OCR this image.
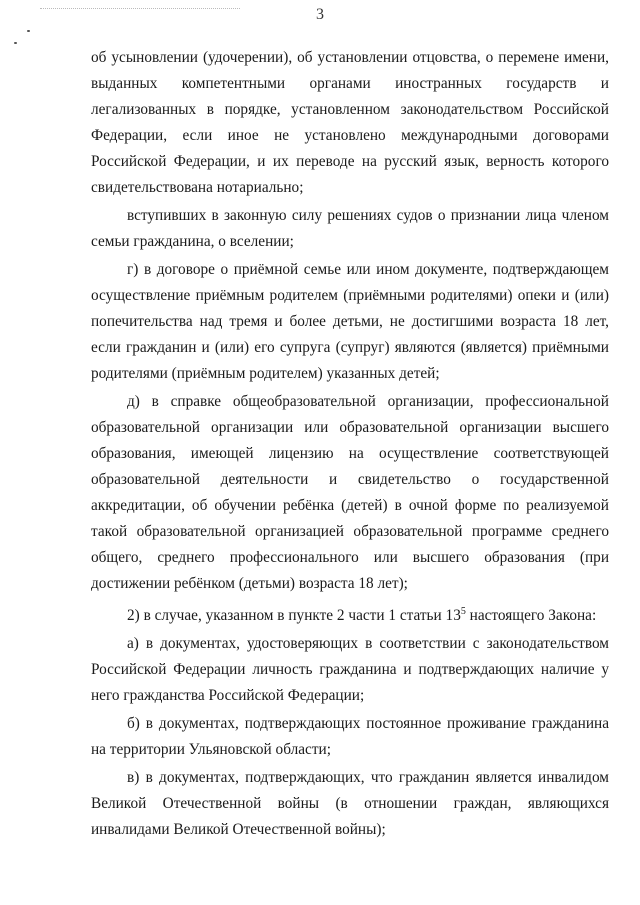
3

об усыновлении (удочерении), об установлении отцовства, о перемене имени, выданных компетентными органами иностранных государств и легализованных в порядке, установленном законодательством Российской Федерации, если иное не установлено международными договорами Российской Федерации, и их переводе на русский язык, верность которого свидетельствована нотариально;

вступивших в законную силу решениях судов о признании лица членом семьи гражданина, о вселении;

г) в договоре о приёмной семье или ином документе, подтверждающем осуществление приёмным родителем (приёмными родителями) опеки и (или) попечительства над тремя и более детьми, не достигшими возраста 18 лет, если гражданин и (или) его супруга (супруг) являются (является) приёмными родителями (приёмным родителем) указанных детей;

д) в справке общеобразовательной организации, профессиональной образовательной организации или образовательной организации высшего образования, имеющей лицензию на осуществление соответствующей образовательной деятельности и свидетельство о государственной аккредитации, об обучении ребёнка (детей) в очной форме по реализуемой такой образовательной организацией образовательной программе среднего общего, среднего профессионального или высшего образования (при достижении ребёнком (детьми) возраста 18 лет);

2) в случае, указанном в пункте 2 части 1 статьи $13^5$ настоящего Закона:

а) в документах, удостоверяющих в соответствии с законодательством Российской Федерации личность гражданина и подтверждающих наличие у него гражданства Российской Федерации;

б) в документах, подтверждающих постоянное проживание гражданина на территории Ульяновской области;

в) в документах, подтверждающих, что гражданин является инвалидом Великой Отечественной войны (в отношении граждан, являющихся инвалидами Великой Отечественной войны);
